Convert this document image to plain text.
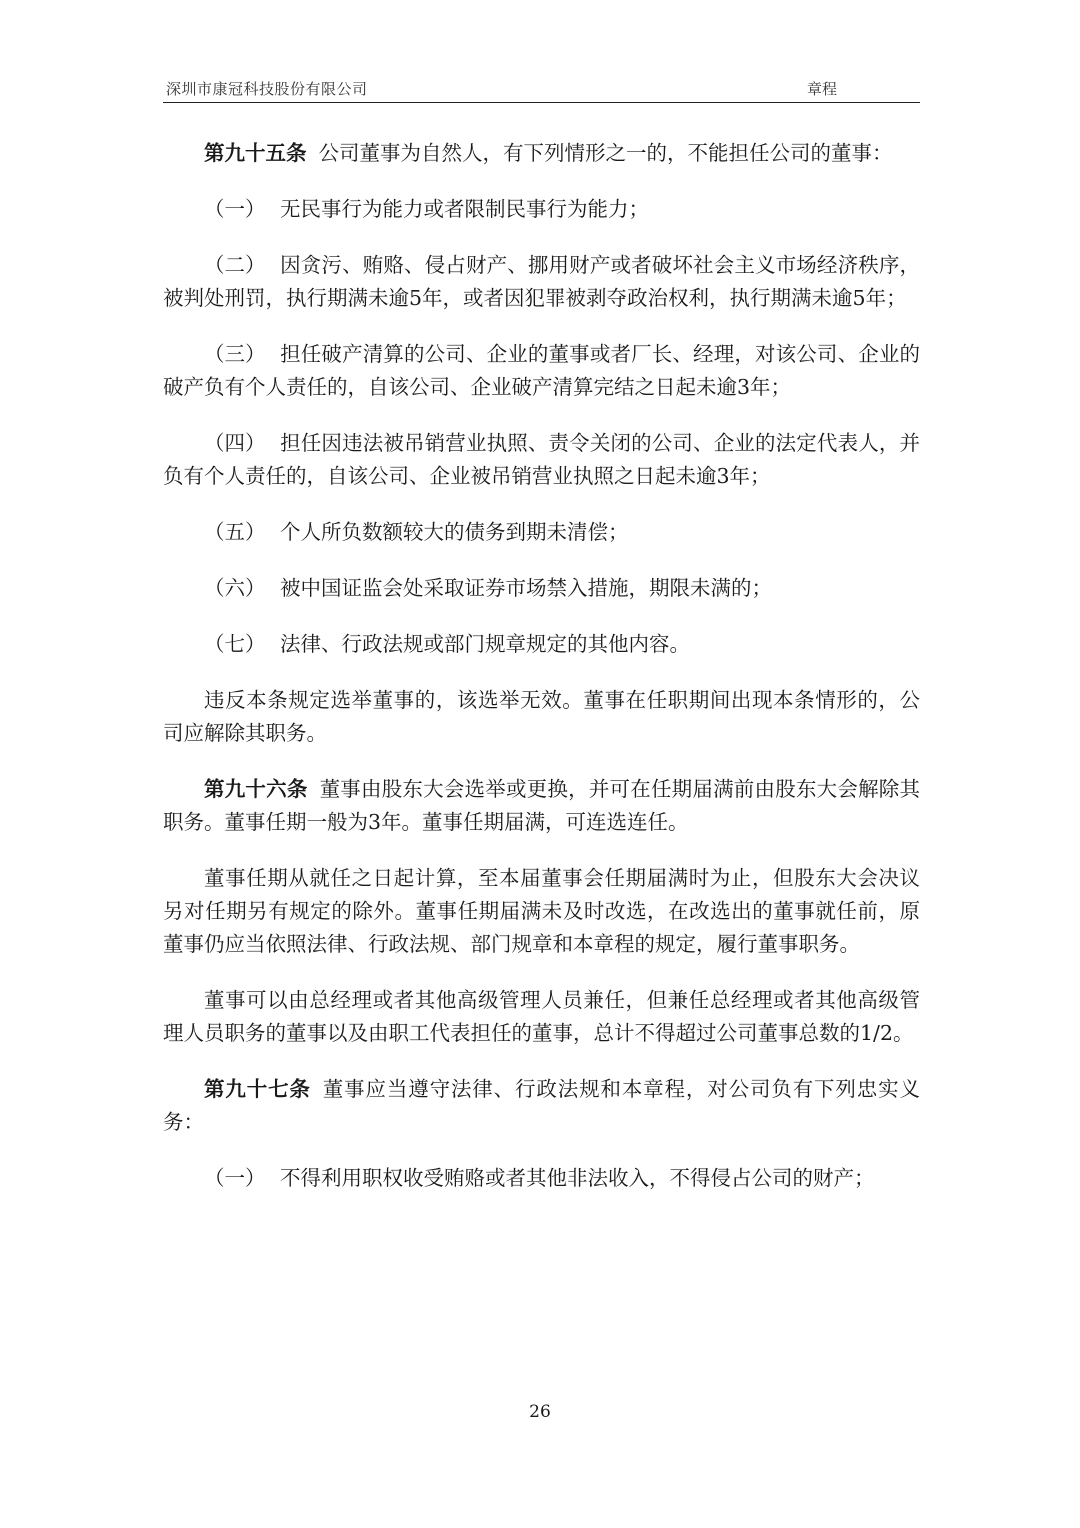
深圳市康冠科技股份有限公司	章程

第九十五条 公司董事为自然人，有下列情形之一的，不能担任公司的董事：

（一） 无民事行为能力或者限制民事行为能力；

（二） 因贪污、贿赂、侵占财产、挪用财产或者破坏社会主义市场经济秩序，被判处刑罚，执行期满未逾5年，或者因犯罪被剥夺政治权利，执行期满未逾5年；

（三） 担任破产清算的公司、企业的董事或者厂长、经理，对该公司、企业的破产负有个人责任的，自该公司、企业破产清算完结之日起未逾3年；

（四） 担任因违法被吊销营业执照、责令关闭的公司、企业的法定代表人，并负有个人责任的，自该公司、企业被吊销营业执照之日起未逾3年；

（五） 个人所负数额较大的债务到期未清偿；

（六） 被中国证监会处采取证券市场禁入措施，期限未满的；

（七） 法律、行政法规或部门规章规定的其他内容。

违反本条规定选举董事的，该选举无效。董事在任职期间出现本条情形的，公司应解除其职务。

第九十六条 董事由股东大会选举或更换，并可在任期届满前由股东大会解除其职务。董事任期一般为3年。董事任期届满，可连选连任。

董事任期从就任之日起计算，至本届董事会任期届满时为止，但股东大会决议另对任期另有规定的除外。董事任期届满未及时改选，在改选出的董事就任前，原董事仍应当依照法律、行政法规、部门规章和本章程的规定，履行董事职务。

董事可以由总经理或者其他高级管理人员兼任，但兼任总经理或者其他高级管理人员职务的董事以及由职工代表担任的董事，总计不得超过公司董事总数的1/2。

第九十七条 董事应当遵守法律、行政法规和本章程，对公司负有下列忠实义务：

（一） 不得利用职权收受贿赂或者其他非法收入，不得侵占公司的财产；

26
